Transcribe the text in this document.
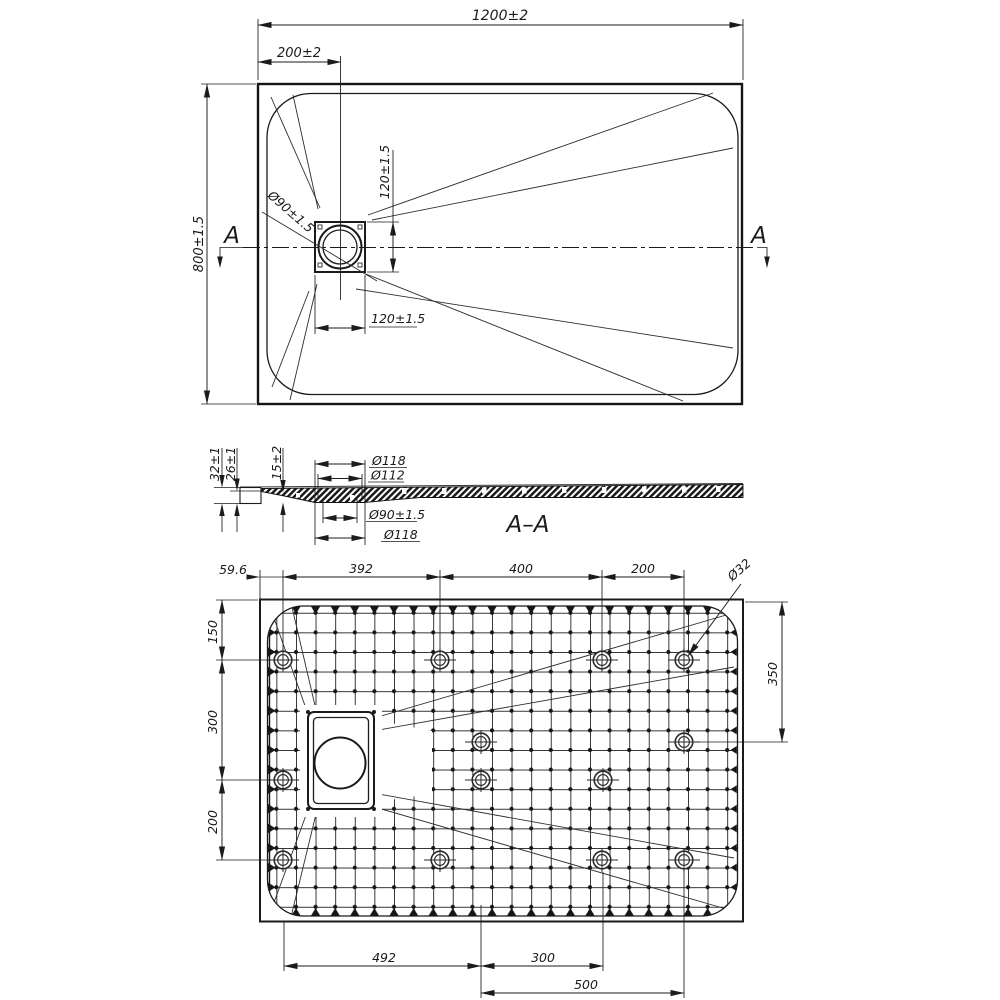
1200±2
200±2
800±1.5
120±1.5
120±1.5
Ø90±1.5
A	A
32±1 26±1 15±2	Ø118
Ø112
Ø90±1.5
Ø118	A–A
59.6	392	400	200	Ø32
150
300
200
350
492	300
500
